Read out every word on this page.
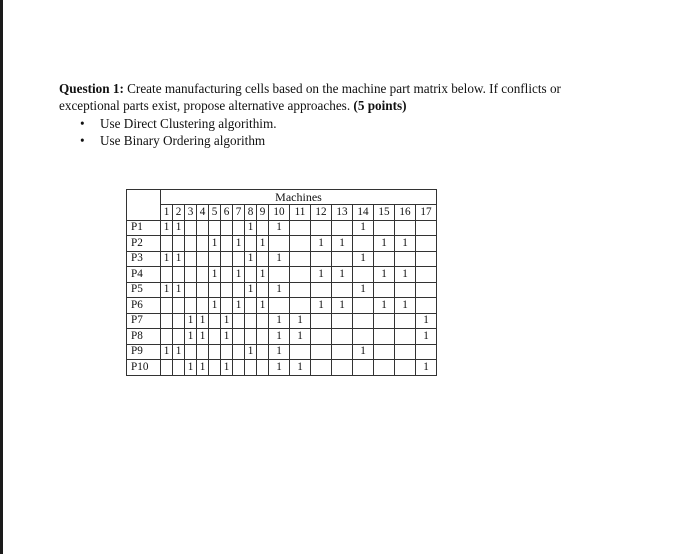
Question 1: Create manufacturing cells based on the machine part matrix below. If conflicts or
exceptional parts exist, propose alternative approaches. (5 points)
• Use Direct Clustering algorithim.
• Use Binary Ordering algorithm
	Machines																
	1	2	3	4	5	6	7	8	9	10	11	12	13	14	15	16	17
P1	1	1						1		1				1			
P2					1		1		1			1	1		1	1	
P3	1	1						1		1				1			
P4					1		1		1			1	1		1	1	
P5	1	1						1		1				1			
P6					1		1		1			1	1		1	1	
P7			1	1		1				1	1						1
P8			1	1		1				1	1						1
P9	1	1						1		1				1			
P10			1	1		1				1	1						1
